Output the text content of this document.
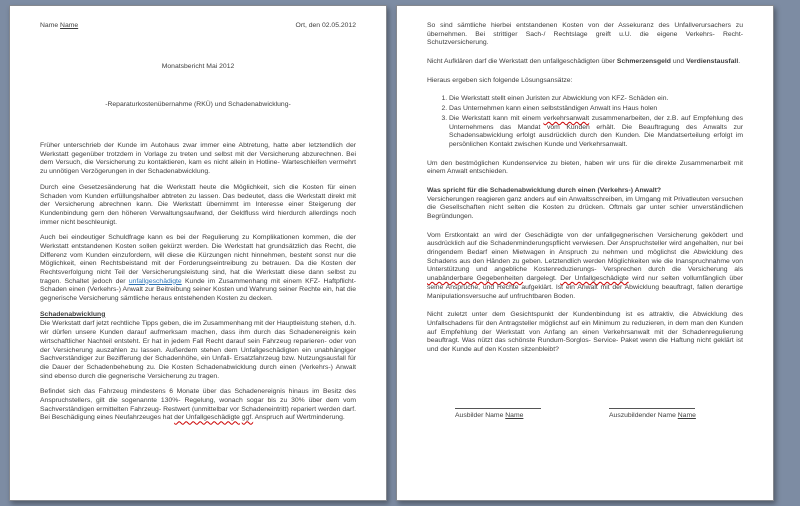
Name Name	Ort, den 02.05.2012
Monatsbericht Mai 2012
-Reparaturkostenübernahme (RKÜ) und Schadenabwicklung-
Früher unterschrieb der Kunde im Autohaus zwar immer eine Abtretung, hatte aber letztendlich der Werkstatt gegenüber trotzdem in Vorlage zu treten und selbst mit der Versicherung abzurechnen. Bei dem Versuch, die Versicherung zu kontaktieren, kam es nicht allein in Hotline- Warteschleifen vermehrt zu unnötigen Verzögerungen in der Schadenabwicklung.
Durch eine Gesetzesänderung hat die Werkstatt heute die Möglichkeit, sich die Kosten für einen Schaden vom Kunden erfüllungshalber abtreten zu lassen. Das bedeutet, dass die Werkstatt direkt mit der Versicherung abrechnen kann. Die Werkstatt übernimmt im Interesse einer Steigerung der Kundenbindung gern den höheren Verwaltungsaufwand, der Geldfluss wird hierdurch allerdings noch immer nicht beschleunigt.
Auch bei eindeutiger Schuldfrage kann es bei der Regulierung zu Komplikationen kommen, die der Werkstatt entstandenen Kosten sollen gekürzt werden. Die Werkstatt hat grundsätzlich das Recht, die Differenz vom Kunden einzufordern, will diese die Kürzungen nicht hinnehmen, besteht sonst nur die Möglichkeit, einen Rechtsbeistand mit der Forderungseintreibung zu betrauen. Da die Kosten der Rechtsverfolgung nicht Teil der Versicherungsleistung sind, hat die Werkstatt diese dann selbst zu tragen. Schaltet jedoch der unfallgeschädigte Kunde im Zusammenhang mit einem KFZ- Haftpflicht- Schaden einen (Verkehrs-) Anwalt zur Beitreibung seiner Kosten und Wahrung seiner Rechte ein, hat die gegnerische Versicherung sämtliche heraus entstehenden Kosten zu decken.
Schadenabwicklung
Die Werkstatt darf jetzt rechtliche Tipps geben, die im Zusammenhang mit der Hauptleistung stehen, d.h. wir dürfen unsere Kunden darauf aufmerksam machen, dass ihm durch das Schadenereignis kein wirtschaftlicher Nachteil entsteht. Er hat in jedem Fall Recht darauf sein Fahrzeug reparieren- oder von der Versicherung auszahlen zu lassen. Außerdem stehen dem Unfallgeschädigten ein unabhängiger Sachverständiger zur Bezifferung der Schadenhöhe, ein Unfall- Ersatzfahrzeug bzw. Nutzungsausfall für die Dauer der Schadenbehebung zu. Die Kosten Schadenabwicklung durch einen (Verkehrs-) Anwalt sind ebenso durch die gegnerische Versicherung zu tragen.
Befindet sich das Fahrzeug mindestens 6 Monate über das Schadenereignis hinaus im Besitz des Anspruchstellers, gilt die sogenannte 130%- Regelung, wonach sogar bis zu 30% über dem vom Sachverständigen ermittelten Fahrzeug- Restwert (unmittelbar vor Schadeneintritt) repariert werden darf. Bei Beschädigung eines Neufahrzeuges hat der Unfallgeschädigte ggf. Anspruch auf Wertminderung.
So sind sämtliche hierbei entstandenen Kosten von der Assekuranz des Unfallverursachers zu übernehmen. Bei strittiger Sach-/ Rechtslage greift u.U. die eigene Verkehrs- Recht- Schutzversicherung.
Nicht Aufklären darf die Werkstatt den unfallgeschädigten über Schmerzensgeld und Verdienstausfall.
Hieraus ergeben sich folgende Lösungsansätze:
1. Die Werkstatt stellt einen Juristen zur Abwicklung von KFZ- Schäden ein.
2. Das Unternehmen kann einen selbstständigen Anwalt ins Haus holen
3. Die Werkstatt kann mit einem verkehrsanwalt zusammenarbeiten, der z.B. auf Empfehlung des Unternehmens das Mandat vom Kunden erhält. Die Beauftragung des Anwalts zur Schadensabwicklung erfolgt ausdrücklich durch den Kunden. Die Mandatserteilung erfolgt im persönlichen Kontakt zwischen Kunde und Verkehrsanwalt.
Um den bestmöglichen Kundenservice zu bieten, haben wir uns für die direkte Zusammenarbeit mit einem Anwalt entschieden.
Was spricht für die Schadenabwicklung durch einen (Verkehrs-) Anwalt?
Versicherungen reagieren ganz anders auf ein Anwaltsschreiben, im Umgang mit Privatleuten versuchen die Gesellschaften nicht selten die Kosten zu drücken. Oftmals gar unter schier unverständlichen Begründungen.
Vom Erstkontakt an wird der Geschädigte von der unfallgegnerischen Versicherung geködert und ausdrücklich auf die Schadenminderungspflicht verwiesen. Der Anspruchsteller wird angehalten, nur bei dringendem Bedarf einen Mietwagen in Anspruch zu nehmen und möglichst die Abwicklung des Schadens aus den Händen zu geben. Letztendlich werden Möglichkeiten wie die Inanspruchnahme von Unterstützung und angebliche Kostenreduzierungs- Versprechen durch die Versicherung als unabänderbare Gegebenheiten dargelegt. Der Unfallgeschädigte wird nur selten vollumfänglich über seine Ansprüche, und Rechte aufgeklärt. Ist ein Anwalt mit der Abwicklung beauftragt, fallen derartige Manipulationsversuche auf unfruchtbaren Boden.
Nicht zuletzt unter dem Gesichtspunkt der Kundenbindung ist es attraktiv, die Abwicklung des Unfallschadens für den Antragsteller möglichst auf ein Minimum zu reduzieren, in dem man den Kunden auf Empfehlung der Werkstatt von Anfang an einen Verkehrsanwalt mit der Schadenregulierung beauftragt. Was nützt das schönste Rundum-Sorglos- Service- Paket wenn die Haftung nicht geklärt ist und der Kunde auf den Kosten sitzenbleibt?
Ausbilder Name Name	Auszubildender Name Name
